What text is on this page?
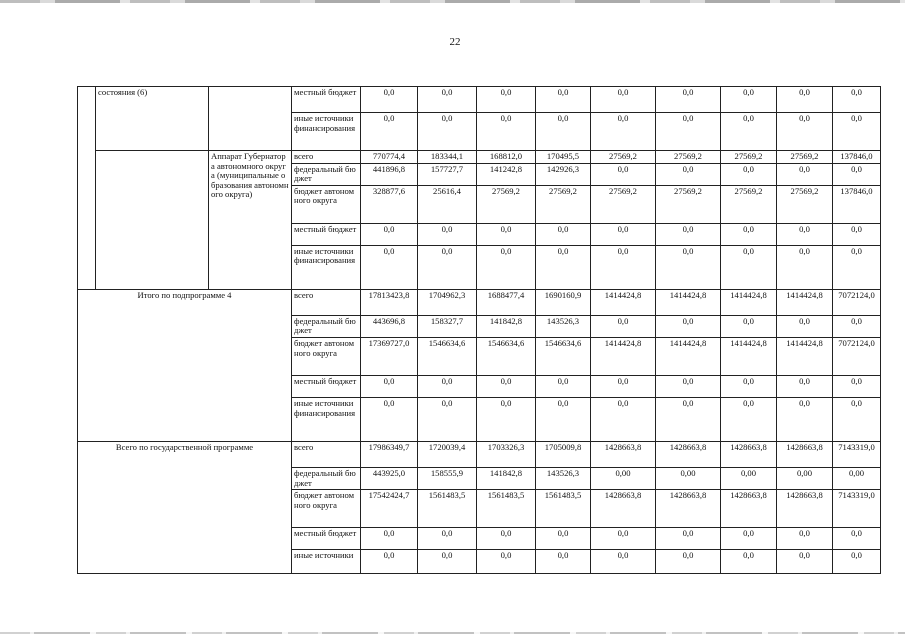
22
	состояния (6)		местный бюджет	0,0	0,0	0,0	0,0	0,0	0,0	0,0	0,0	0,0
			иные источники финансирования	0,0	0,0	0,0	0,0	0,0	0,0	0,0	0,0	0,0
		Аппарат Губернатора автономного округа (муниципальные образования автономного округа)	всего	770774,4	183344,1	168812,0	170495,5	27569,2	27569,2	27569,2	27569,2	137846,0
			федеральный бюджет	441896,8	157727,7	141242,8	142926,3	0,0	0,0	0,0	0,0	0,0
			бюджет автономного округа	328877,6	25616,4	27569,2	27569,2	27569,2	27569,2	27569,2	27569,2	137846,0
			местный бюджет	0,0	0,0	0,0	0,0	0,0	0,0	0,0	0,0	0,0
			иные источники финансирования	0,0	0,0	0,0	0,0	0,0	0,0	0,0	0,0	0,0
Итого по подпрограмме 4			всего	17813423,8	1704962,3	1688477,4	1690160,9	1414424,8	1414424,8	1414424,8	1414424,8	7072124,0
			федеральный бюджет	443696,8	158327,7	141842,8	143526,3	0,0	0,0	0,0	0,0	0,0
			бюджет автономного округа	17369727,0	1546634,6	1546634,6	1546634,6	1414424,8	1414424,8	1414424,8	1414424,8	7072124,0
			местный бюджет	0,0	0,0	0,0	0,0	0,0	0,0	0,0	0,0	0,0
			иные источники финансирования	0,0	0,0	0,0	0,0	0,0	0,0	0,0	0,0	0,0
Всего по государственной программе			всего	17986349,7	1720039,4	1703326,3	1705009,8	1428663,8	1428663,8	1428663,8	1428663,8	7143319,0
			федеральный бюджет	443925,0	158555,9	141842,8	143526,3	0,00	0,00	0,00	0,00	0,00
			бюджет автономного округа	17542424,7	1561483,5	1561483,5	1561483,5	1428663,8	1428663,8	1428663,8	1428663,8	7143319,0
			местный бюджет	0,0	0,0	0,0	0,0	0,0	0,0	0,0	0,0	0,0
			иные источники	0,0	0,0	0,0	0,0	0,0	0,0	0,0	0,0	0,0
